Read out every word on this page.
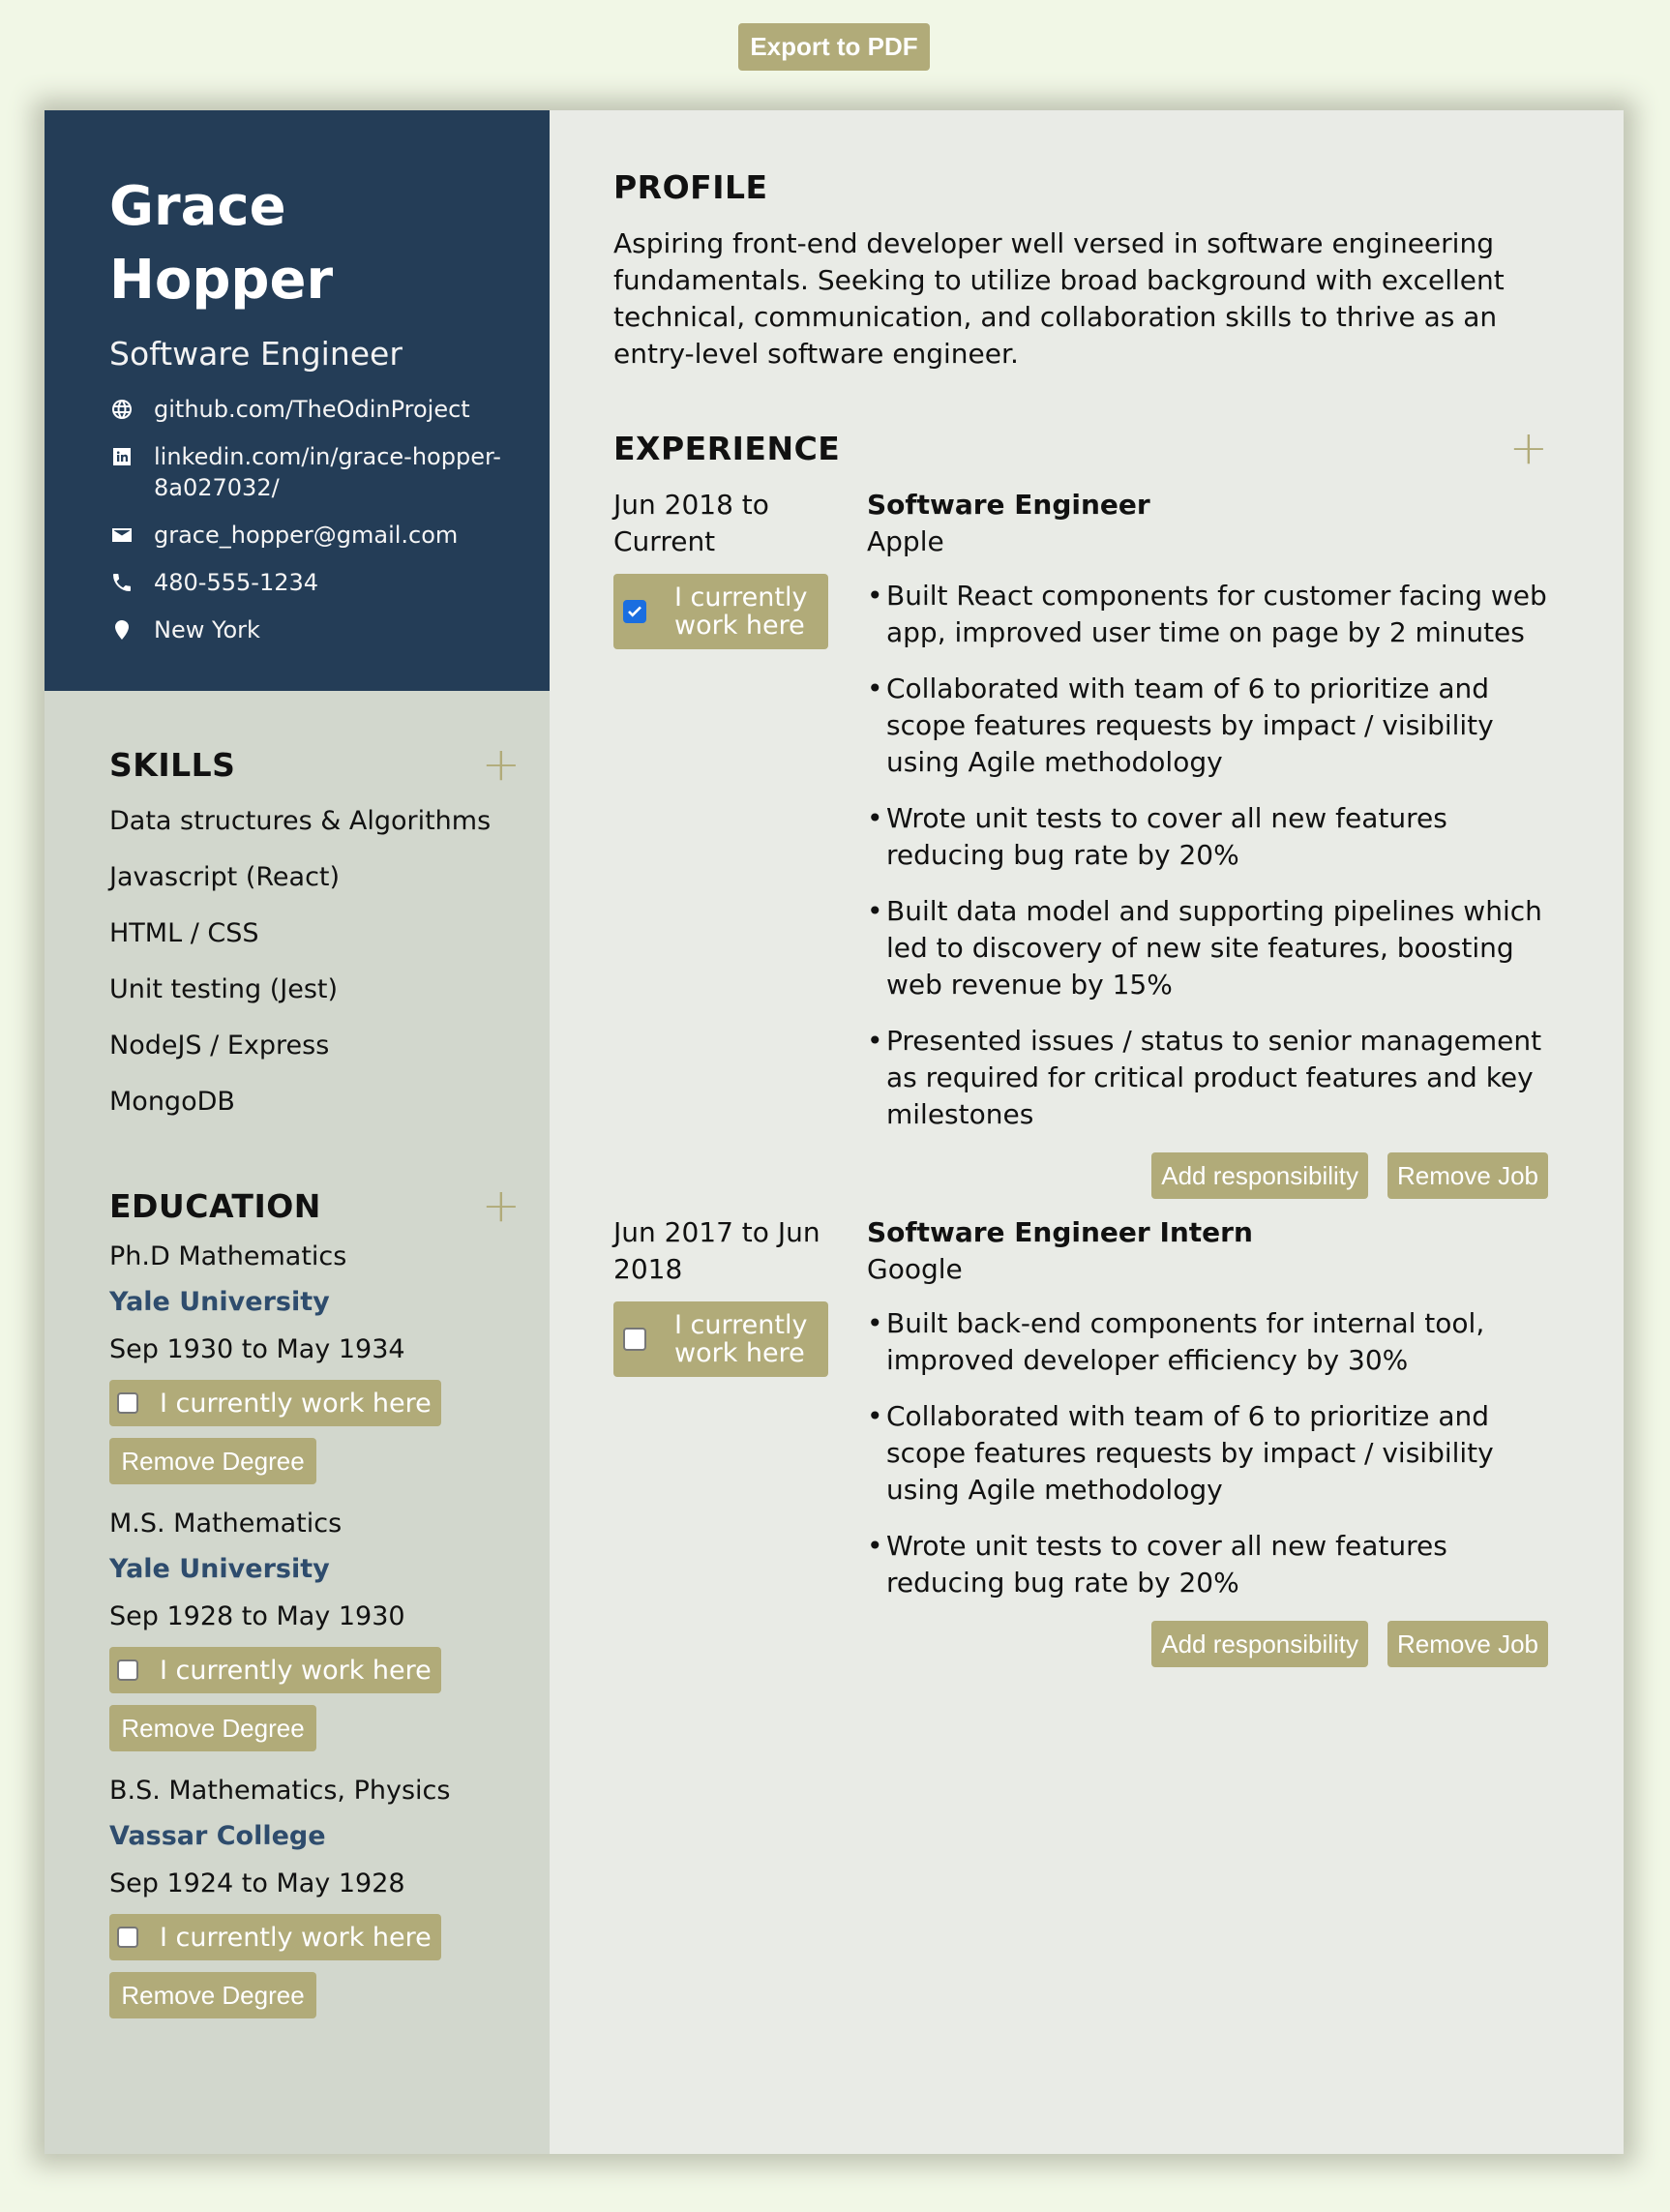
Export to PDF
Grace
Hopper
Software Engineer
github.com/TheOdinProject
linkedin.com/in/grace-hopper-8a027032/
grace_hopper@gmail.com
480-555-1234
New York
SKILLS	+
Data structures & Algorithms
Javascript (React)
HTML / CSS
Unit testing (Jest)
NodeJS / Express
MongoDB
EDUCATION	+
Ph.D Mathematics
Yale University
Sep 1930 to May 1934
I currently work here
Remove Degree
M.S. Mathematics
Yale University
Sep 1928 to May 1930
I currently work here
Remove Degree
B.S. Mathematics, Physics
Vassar College
Sep 1924 to May 1928
I currently work here
Remove Degree
PROFILE

Aspiring front-end developer well versed in software engineering fundamentals. Seeking to utilize broad background with excellent technical, communication, and collaboration skills to thrive as an entry-level software engineer.

EXPERIENCE	+
Jun 2018 to Current
I currently work here
Software Engineer
Apple
• Built React components for customer facing web app, improved user time on page by 2 minutes
• Collaborated with team of 6 to prioritize and scope features requests by impact / visibility using Agile methodology
• Wrote unit tests to cover all new features reducing bug rate by 20%
• Built data model and supporting pipelines which led to discovery of new site features, boosting web revenue by 15%
• Presented issues / status to senior management as required for critical product features and key milestones
Add responsibility	Remove Job
Jun 2017 to Jun 2018
I currently work here
Software Engineer Intern
Google
• Built back-end components for internal tool, improved developer efficiency by 30%
• Collaborated with team of 6 to prioritize and scope features requests by impact / visibility using Agile methodology
• Wrote unit tests to cover all new features reducing bug rate by 20%
Add responsibility	Remove Job
